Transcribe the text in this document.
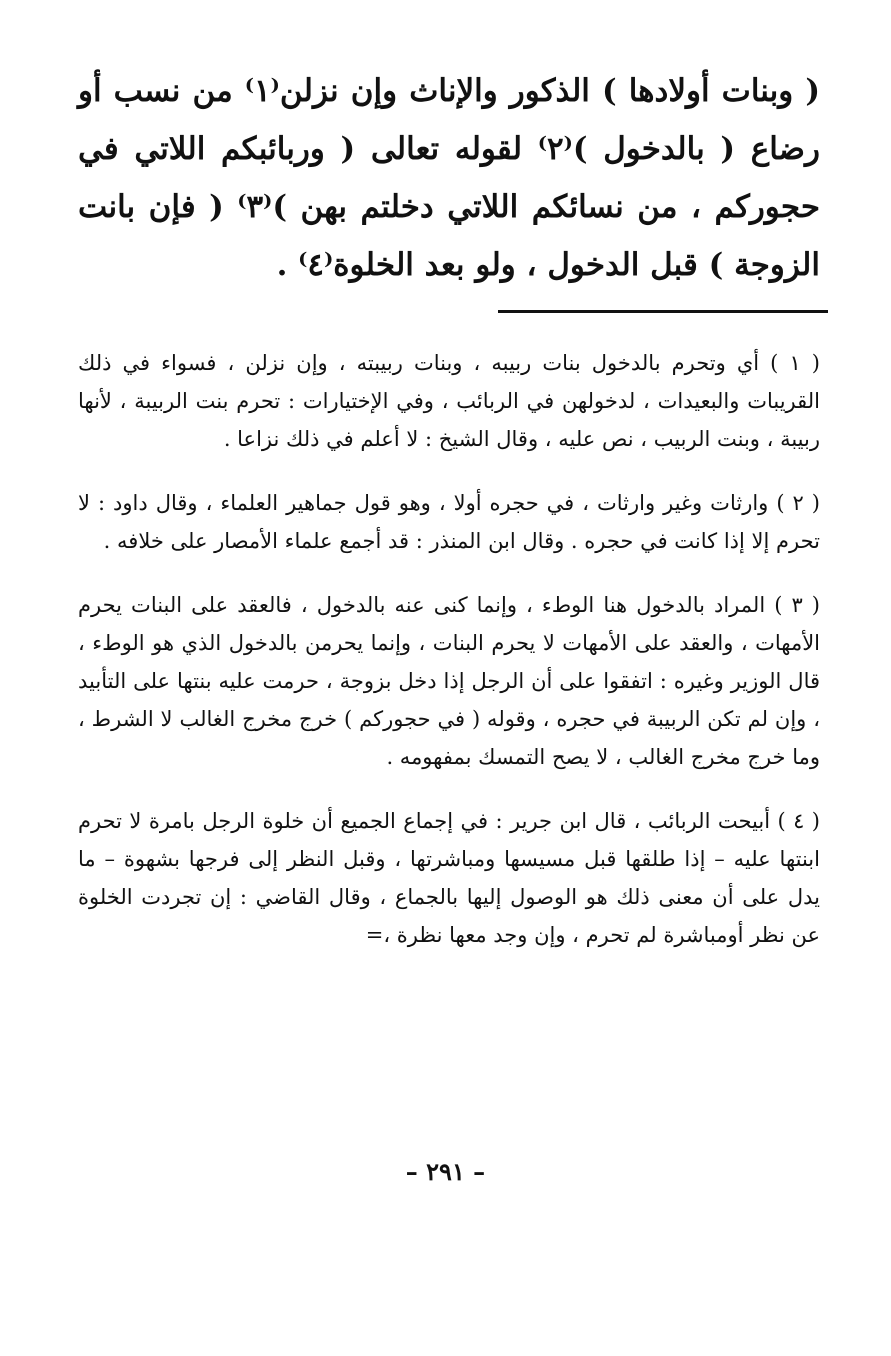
( وبنات أولادها ) الذكور والإناث وإن نزلن⁽١⁾ من نسب أو رضاع ( بالدخول )⁽٢⁾ لقوله تعالى ( وربائبكم اللاتي في حجوركم ، من نسائكم اللاتي دخلتم بهن )⁽٣⁾ ( فإن بانت الزوجة ) قبل الدخول ، ولو بعد الخلوة⁽٤⁾ .

( ١ ) أي وتحرم بالدخول بنات ربيبه ، وبنات ربيبته ، وإن نزلن ، فسواء في ذلك القريبات والبعيدات ، لدخولهن في الربائب ، وفي الإختيارات : تحرم بنت الربيبة ، لأنها ربيبة ، وبنت الربيب ، نص عليه ، وقال الشيخ : لا أعلم في ذلك نزاعا .

( ٢ ) وارثات وغير وارثات ، في حجره أولا ، وهو قول جماهير العلماء ، وقال داود : لا تحرم إلا إذا كانت في حجره . وقال ابن المنذر : قد أجمع علماء الأمصار على خلافه .

( ٣ ) المراد بالدخول هنا الوطء ، وإنما كنى عنه بالدخول ، فالعقد على البنات يحرم الأمهات ، والعقد على الأمهات لا يحرم البنات ، وإنما يحرمن بالدخول الذي هو الوطء ، قال الوزير وغيره : اتفقوا على أن الرجل إذا دخل بزوجة ، حرمت عليه بنتها على التأبيد ، وإن لم تكن الربيبة في حجره ، وقوله ( في حجوركم ) خرج مخرج الغالب لا الشرط ، وما خرج مخرج الغالب ، لا يصح التمسك بمفهومه .

( ٤ ) أبيحت الربائب ، قال ابن جرير : في إجماع الجميع أن خلوة الرجل بامرة لا تحرم ابنتها عليه – إذا طلقها قبل مسيسها ومباشرتها ، وقبل النظر إلى فرجها بشهوة – ما يدل على أن معنى ذلك هو الوصول إليها بالجماع ، وقال القاضي : إن تجردت الخلوة عن نظر أومباشرة لم تحرم ، وإن وجد معها نظرة ،=

– ٢٩١ –
